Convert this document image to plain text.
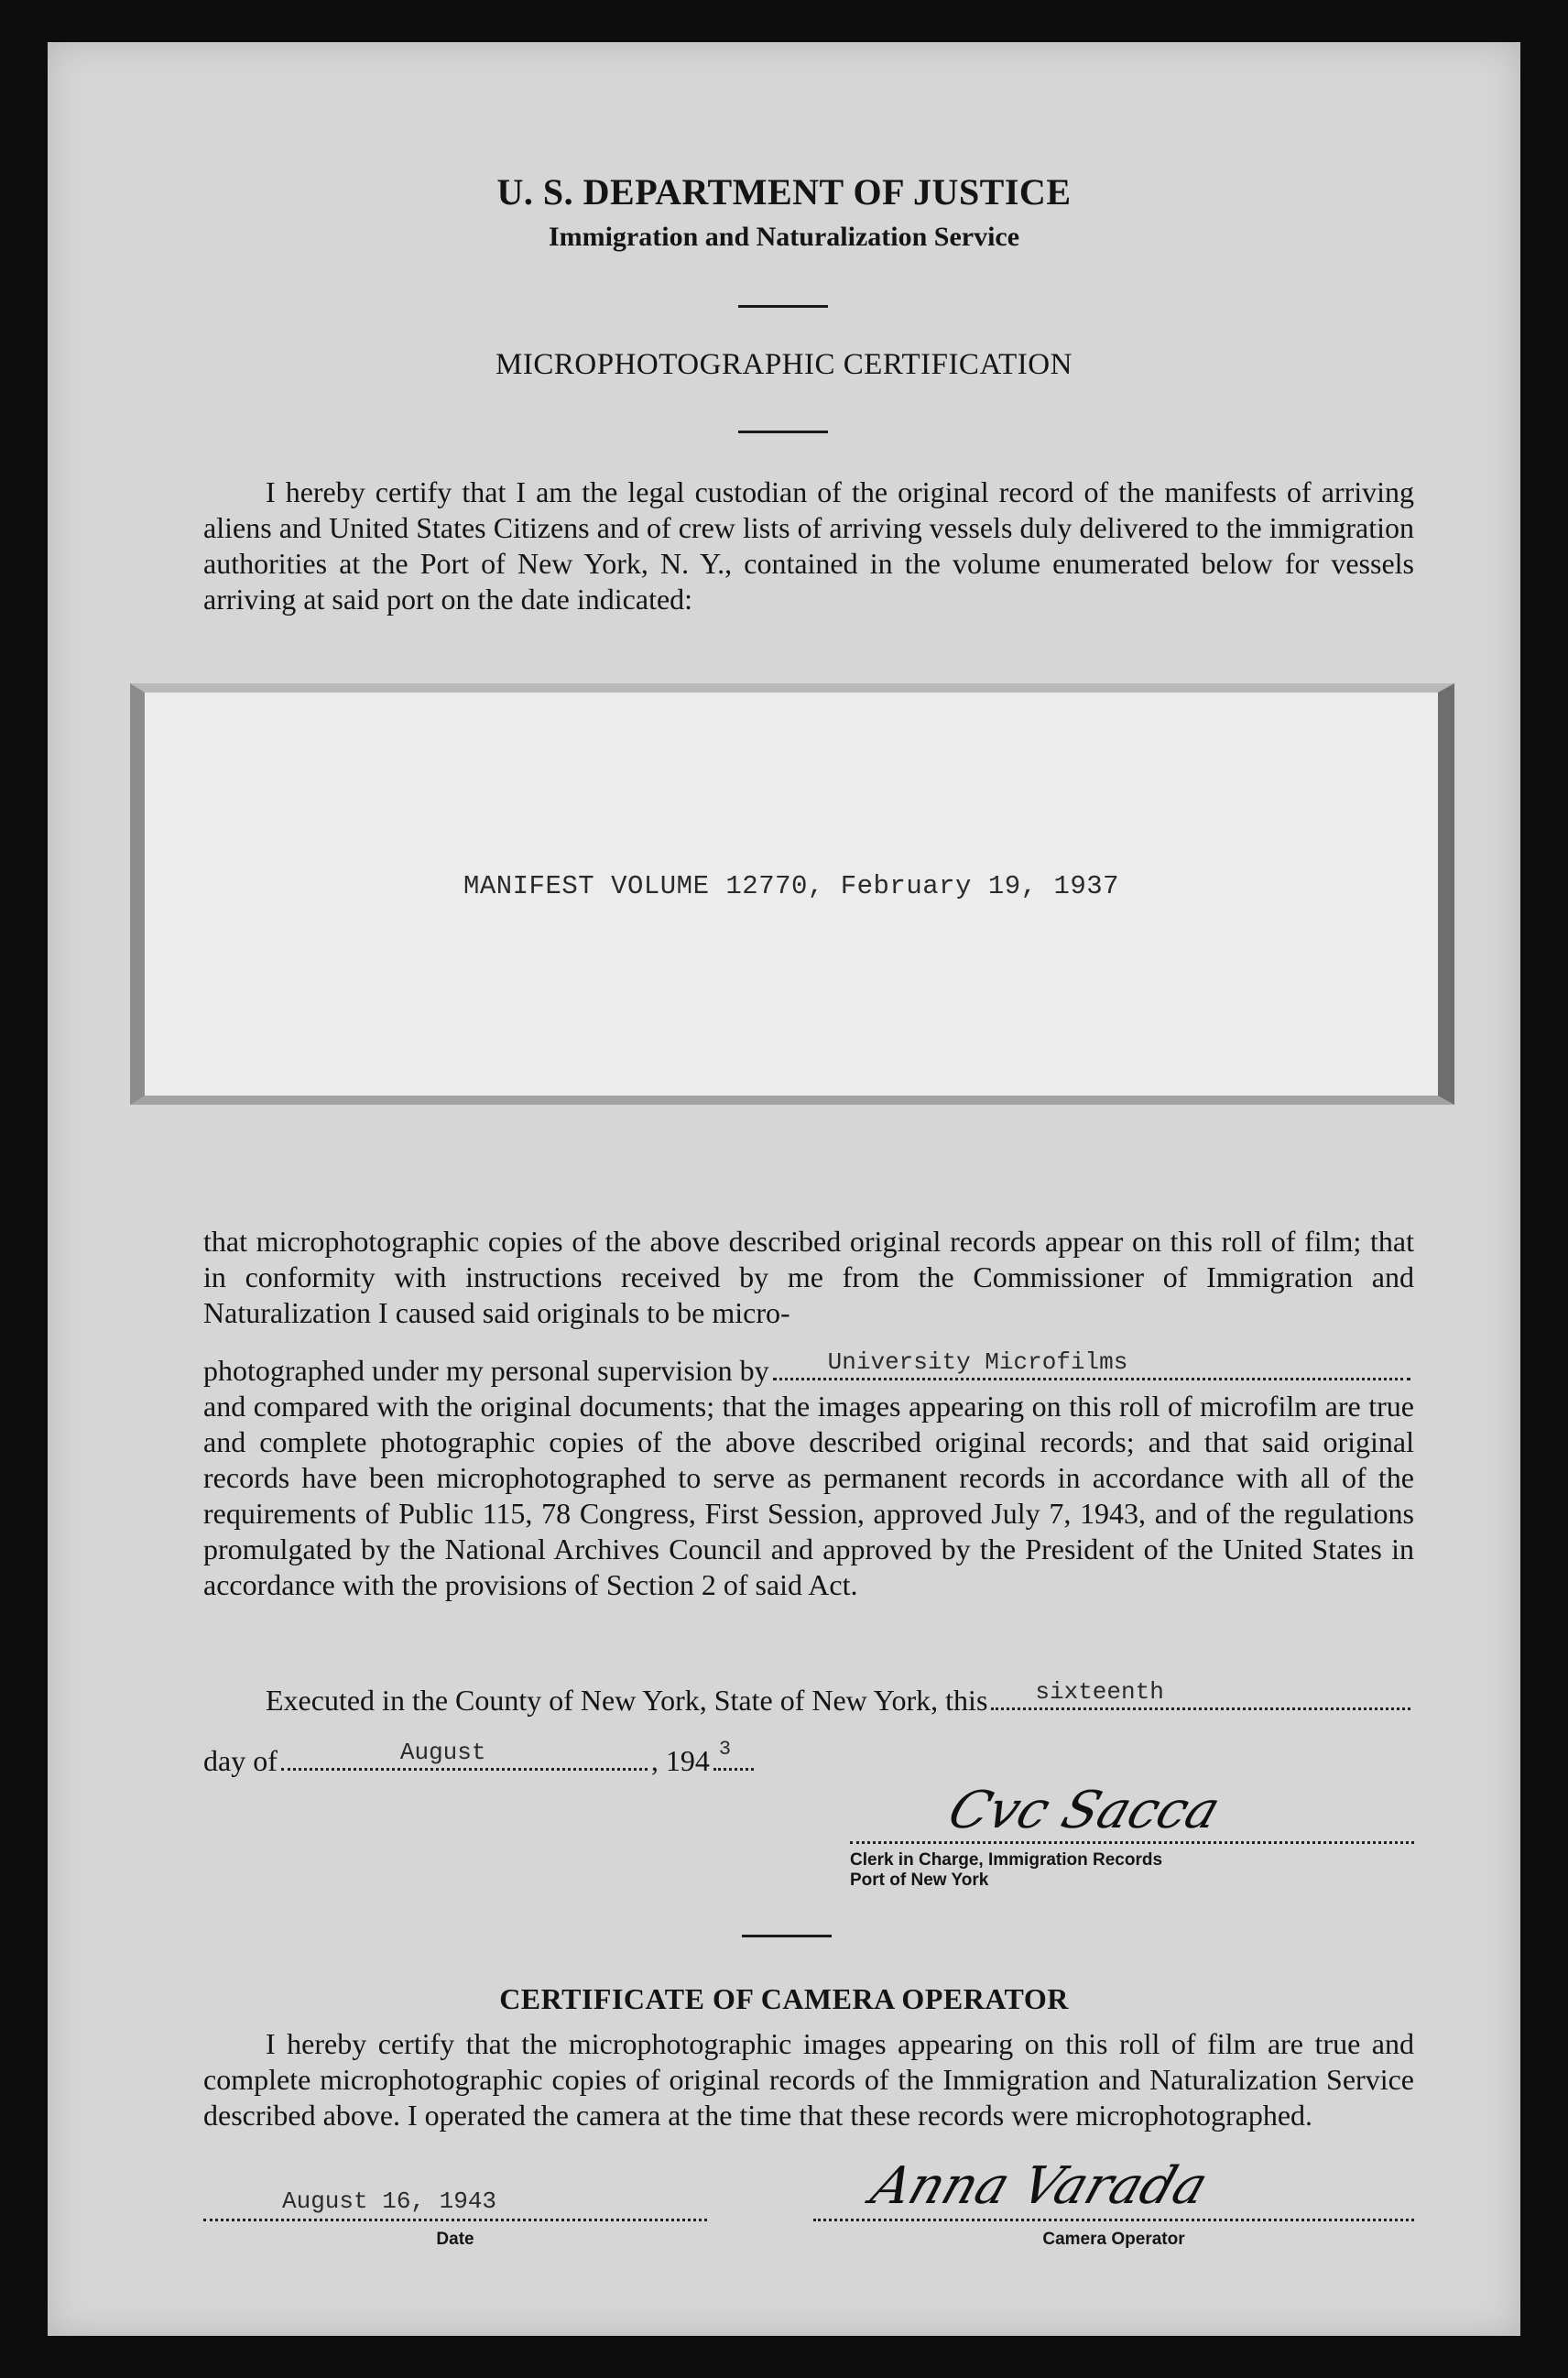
U. S. DEPARTMENT OF JUSTICE
Immigration and Naturalization Service
MICROPHOTOGRAPHIC CERTIFICATION

I hereby certify that I am the legal custodian of the original record of the manifests of arriving aliens and United States Citizens and of crew lists of arriving vessels duly delivered to the immigration authorities at the Port of New York, N. Y., contained in the volume enumerated below for vessels arriving at said port on the date indicated:

MANIFEST VOLUME 12770, February 19, 1937

that microphotographic copies of the above described original records appear on this roll of film; that in conformity with instructions received by me from the Commissioner of Immigration and Naturalization I caused said originals to be micro-

photographed under my personal supervision by University Microfilms

and compared with the original documents; that the images appearing on this roll of microfilm are true and complete photographic copies of the above described original records; and that said original records have been microphotographed to serve as permanent records in accordance with all of the requirements of Public 115, 78 Congress, First Session, approved July 7, 1943, and of the regulations promulgated by the National Archives Council and approved by the President of the United States in accordance with the provisions of Section 2 of said Act.

Executed in the County of New York, State of New York, this sixteenth
day of	August	, 194 3
Cvc Sacca
Clerk in Charge, Immigration Records
Port of New York
CERTIFICATE OF CAMERA OPERATOR

I hereby certify that the microphotographic images appearing on this roll of film are true and complete microphotographic copies of original records of the Immigration and Naturalization Service described above. I operated the camera at the time that these records were microphotographed.

August 16, 1943
Date
Anna Varada
Camera Operator
